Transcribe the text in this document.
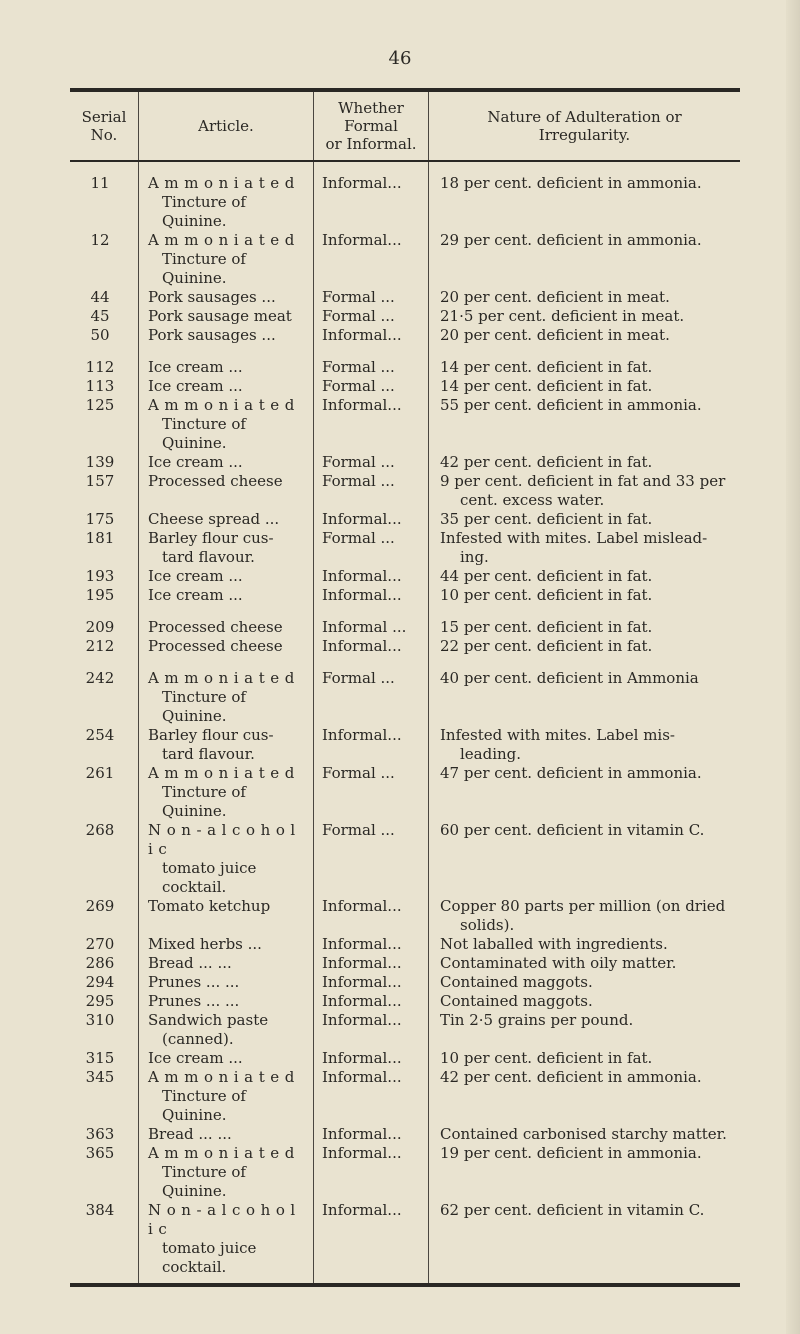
46
Serial
No.	Article.
Whether
Formal
or Informal.
Nature of Adulteration or
Irregularity.
11	A m m o n i a t e d
Tincture of
Quinine.
Informal...	18 per cent. deficient in ammonia.
12	A m m o n i a t e d
Tincture of
Quinine.
Informal...	29 per cent. deficient in ammonia.
44	Pork sausages ...	Formal ...	20 per cent. deficient in meat.
45	Pork sausage meat	Formal ...	21·5 per cent. deficient in meat.
50	Pork sausages ...	Informal...	20 per cent. deficient in meat.
112	Ice cream ...	Formal ...	14 per cent. deficient in fat.
113	Ice cream ...	Formal ...	14 per cent. deficient in fat.
125	A m m o n i a t e d
Tincture of
Quinine.
Informal...	55 per cent. deficient in ammonia.
139	Ice cream ...	Formal ...	42 per cent. deficient in fat.
157	Processed cheese	Formal ...	9 per cent. deficient in fat and 33 per
cent. excess water.
175	Cheese spread ...	Informal...	35 per cent. deficient in fat.
181	Barley flour cus-
tard flavour.
Formal ...	Infested with mites. Label mislead-
ing.
193	Ice cream ...	Informal...	44 per cent. deficient in fat.
195	Ice cream ...	Informal...	10 per cent. deficient in fat.
209	Processed cheese	Informal ...	15 per cent. deficient in fat.
212	Processed cheese	Informal...	22 per cent. deficient in fat.
242	A m m o n i a t e d
Tincture of
Quinine.
Formal ...	40 per cent. deficient in Ammonia
254	Barley flour cus-
tard flavour.
Informal...	Infested with mites. Label mis-
leading.
261	A m m o n i a t e d
Tincture of
Quinine.
Formal ...	47 per cent. deficient in ammonia.
268	N o n - a l c o h o l i c
tomato juice
cocktail.
Formal ...	60 per cent. deficient in vitamin C.
269	Tomato ketchup	Informal...	Copper 80 parts per million (on dried
solids).
270	Mixed herbs ...	Informal...	Not laballed with ingredients.
286	Bread ... ...	Informal...	Contaminated with oily matter.
294	Prunes ... ...	Informal...	Contained maggots.
295	Prunes ... ...	Informal...	Contained maggots.
310	Sandwich paste
(canned).
Informal...	Tin 2·5 grains per pound.
315	Ice cream ...	Informal...	10 per cent. deficient in fat.
345	A m m o n i a t e d
Tincture of
Quinine.
Informal...	42 per cent. deficient in ammonia.
363	Bread ... ...	Informal...	Contained carbonised starchy matter.
365	A m m o n i a t e d
Tincture of
Quinine.
Informal...	19 per cent. deficient in ammonia.
384	N o n - a l c o h o l i c
tomato juice
cocktail.
Informal...	62 per cent. deficient in vitamin C.
